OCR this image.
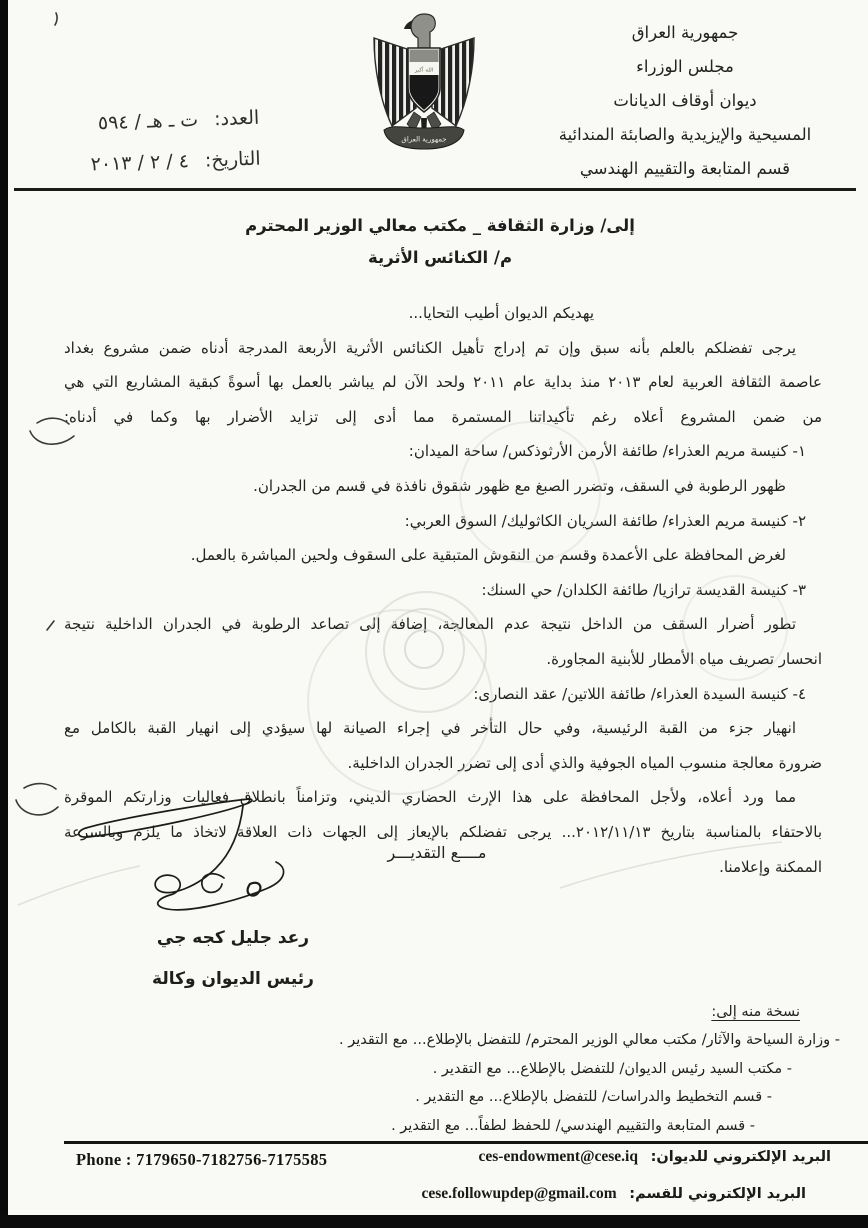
الله أكبر
جمهورية العراق
جمهورية العراق
مجلس الوزراء
ديوان أوقاف الديانات
المسيحية والإيزيدية والصابئة المندائية
قسم المتابعة والتقييم الهندسي
العدد: ت ـ هـ / ٥٩٤
التاريخ: ٤ / ٢ / ٢٠١٣
إلى/ وزارة الثقافة _ مكتب معالي الوزير المحترم
م/ الكنائس الأثرية
يهديكم الديوان أطيب التحايا...
يرجى تفضلكم بالعلم بأنه سبق وإن تم إدراج تأهيل الكنائس الأثرية الأربعة المدرجة أدناه ضمن مشروع بغداد
عاصمة الثقافة العربية لعام ٢٠١٣ منذ بداية عام ٢٠١١ ولحد الآن لم يباشر بالعمل بها أسوةً كبقية المشاريع التي هي
من ضمن المشروع أعلاه رغم تأكيداتنا المستمرة مما أدى إلى تزايد الأضرار بها وكما في أدناه:
١- كنيسة مريم العذراء/ طائفة الأرمن الأرثوذكس/ ساحة الميدان:
ظهور الرطوبة في السقف، وتضرر الصبغ مع ظهور شقوق نافذة في قسم من الجدران.
٢- كنيسة مريم العذراء/ طائفة السريان الكاثوليك/ السوق العربي:
لغرض المحافظة على الأعمدة وقسم من النقوش المتبقية على السقوف ولحين المباشرة بالعمل.
٣- كنيسة القديسة ترازيا/ طائفة الكلدان/ حي السنك:
تطور أضرار السقف من الداخل نتيجة عدم المعالجة، إضافة إلى تصاعد الرطوبة في الجدران الداخلية نتيجة
انحسار تصريف مياه الأمطار للأبنية المجاورة.
٤- كنيسة السيدة العذراء/ طائفة اللاتين/ عقد النصارى:
انهيار جزء من القبة الرئيسية، وفي حال التأخر في إجراء الصيانة لها سيؤدي إلى انهيار القبة بالكامل مع
ضرورة معالجة منسوب المياه الجوفية والذي أدى إلى تضرر الجدران الداخلية.
مما ورد أعلاه، ولأجل المحافظة على هذا الإرث الحضاري الديني، وتزامناً بانطلاق فعاليات وزارتكم الموقرة
بالاحتفاء بالمناسبة بتاريخ ٢٠١٢/١١/١٣... يرجى تفضلكم بالإيعاز إلى الجهات ذات العلاقة لاتخاذ ما يلزم وبالسرعة
الممكنة وإعلامنا.
مــــع التقديـــر
رعد جليل كجه جي
رئيس الديوان وكالة
نسخة منه إلى:
- وزارة السياحة والآثار/ مكتب معالي الوزير المحترم/ للتفضل بالإطلاع... مع التقدير .
- مكتب السيد رئيس الديوان/ للتفضل بالإطلاع... مع التقدير .
- قسم التخطيط والدراسات/ للتفضل بالإطلاع... مع التقدير .
- قسم المتابعة والتقييم الهندسي/ للحفظ لطفاً... مع التقدير .
Phone : 7179650-7182756-7175585	البريد الإلكتروني للديوان: ces-endowment@cese.iq
البريد الإلكتروني للقسم: cese.followupdep@gmail.com
